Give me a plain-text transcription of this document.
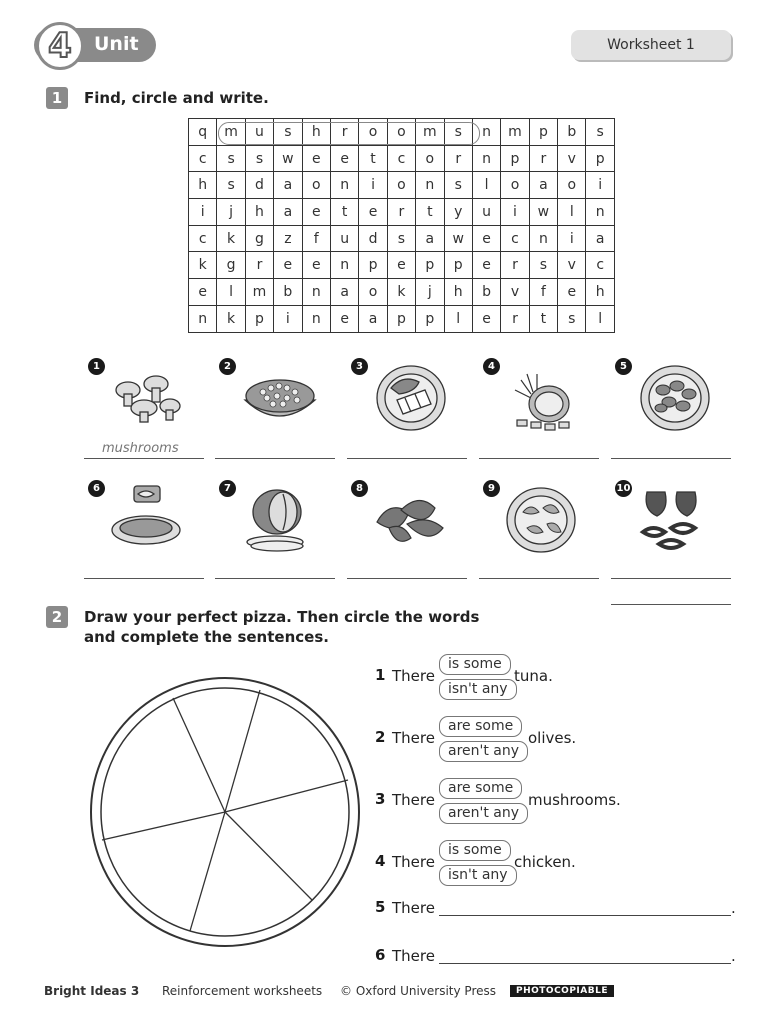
4	Unit	Worksheet 1
1	Find, circle and write.
q	m	u	s	h	r	o	o	m	s	n	m	p	b	s
c	s	s	w	e	e	t	c	o	r	n	p	r	v	p
h	s	d	a	o	n	i	o	n	s	l	o	a	o	i
i	j	h	a	e	t	e	r	t	y	u	i	w	l	n
c	k	g	z	f	u	d	s	a	w	e	c	n	i	a
k	g	r	e	e	n	p	e	p	p	e	r	s	v	c
e	l	m	b	n	a	o	k	j	h	b	v	f	e	h
n	k	p	i	n	e	a	p	p	l	e	r	t	s	l
1
mushrooms
2	3	4	5
6	7	8	9	10
2	Draw your perfect pizza. Then circle the words
and complete the sentences.
1 There
is some
isn't any
tuna.
2 There
are some
aren't any
olives.
3 There
are some
aren't any
mushrooms.
4 There
is some
isn't any
chicken.
5 There	.
6 There	.
Bright Ideas 3 Reinforcement worksheets © Oxford University Press	PHOTOCOPIABLE
